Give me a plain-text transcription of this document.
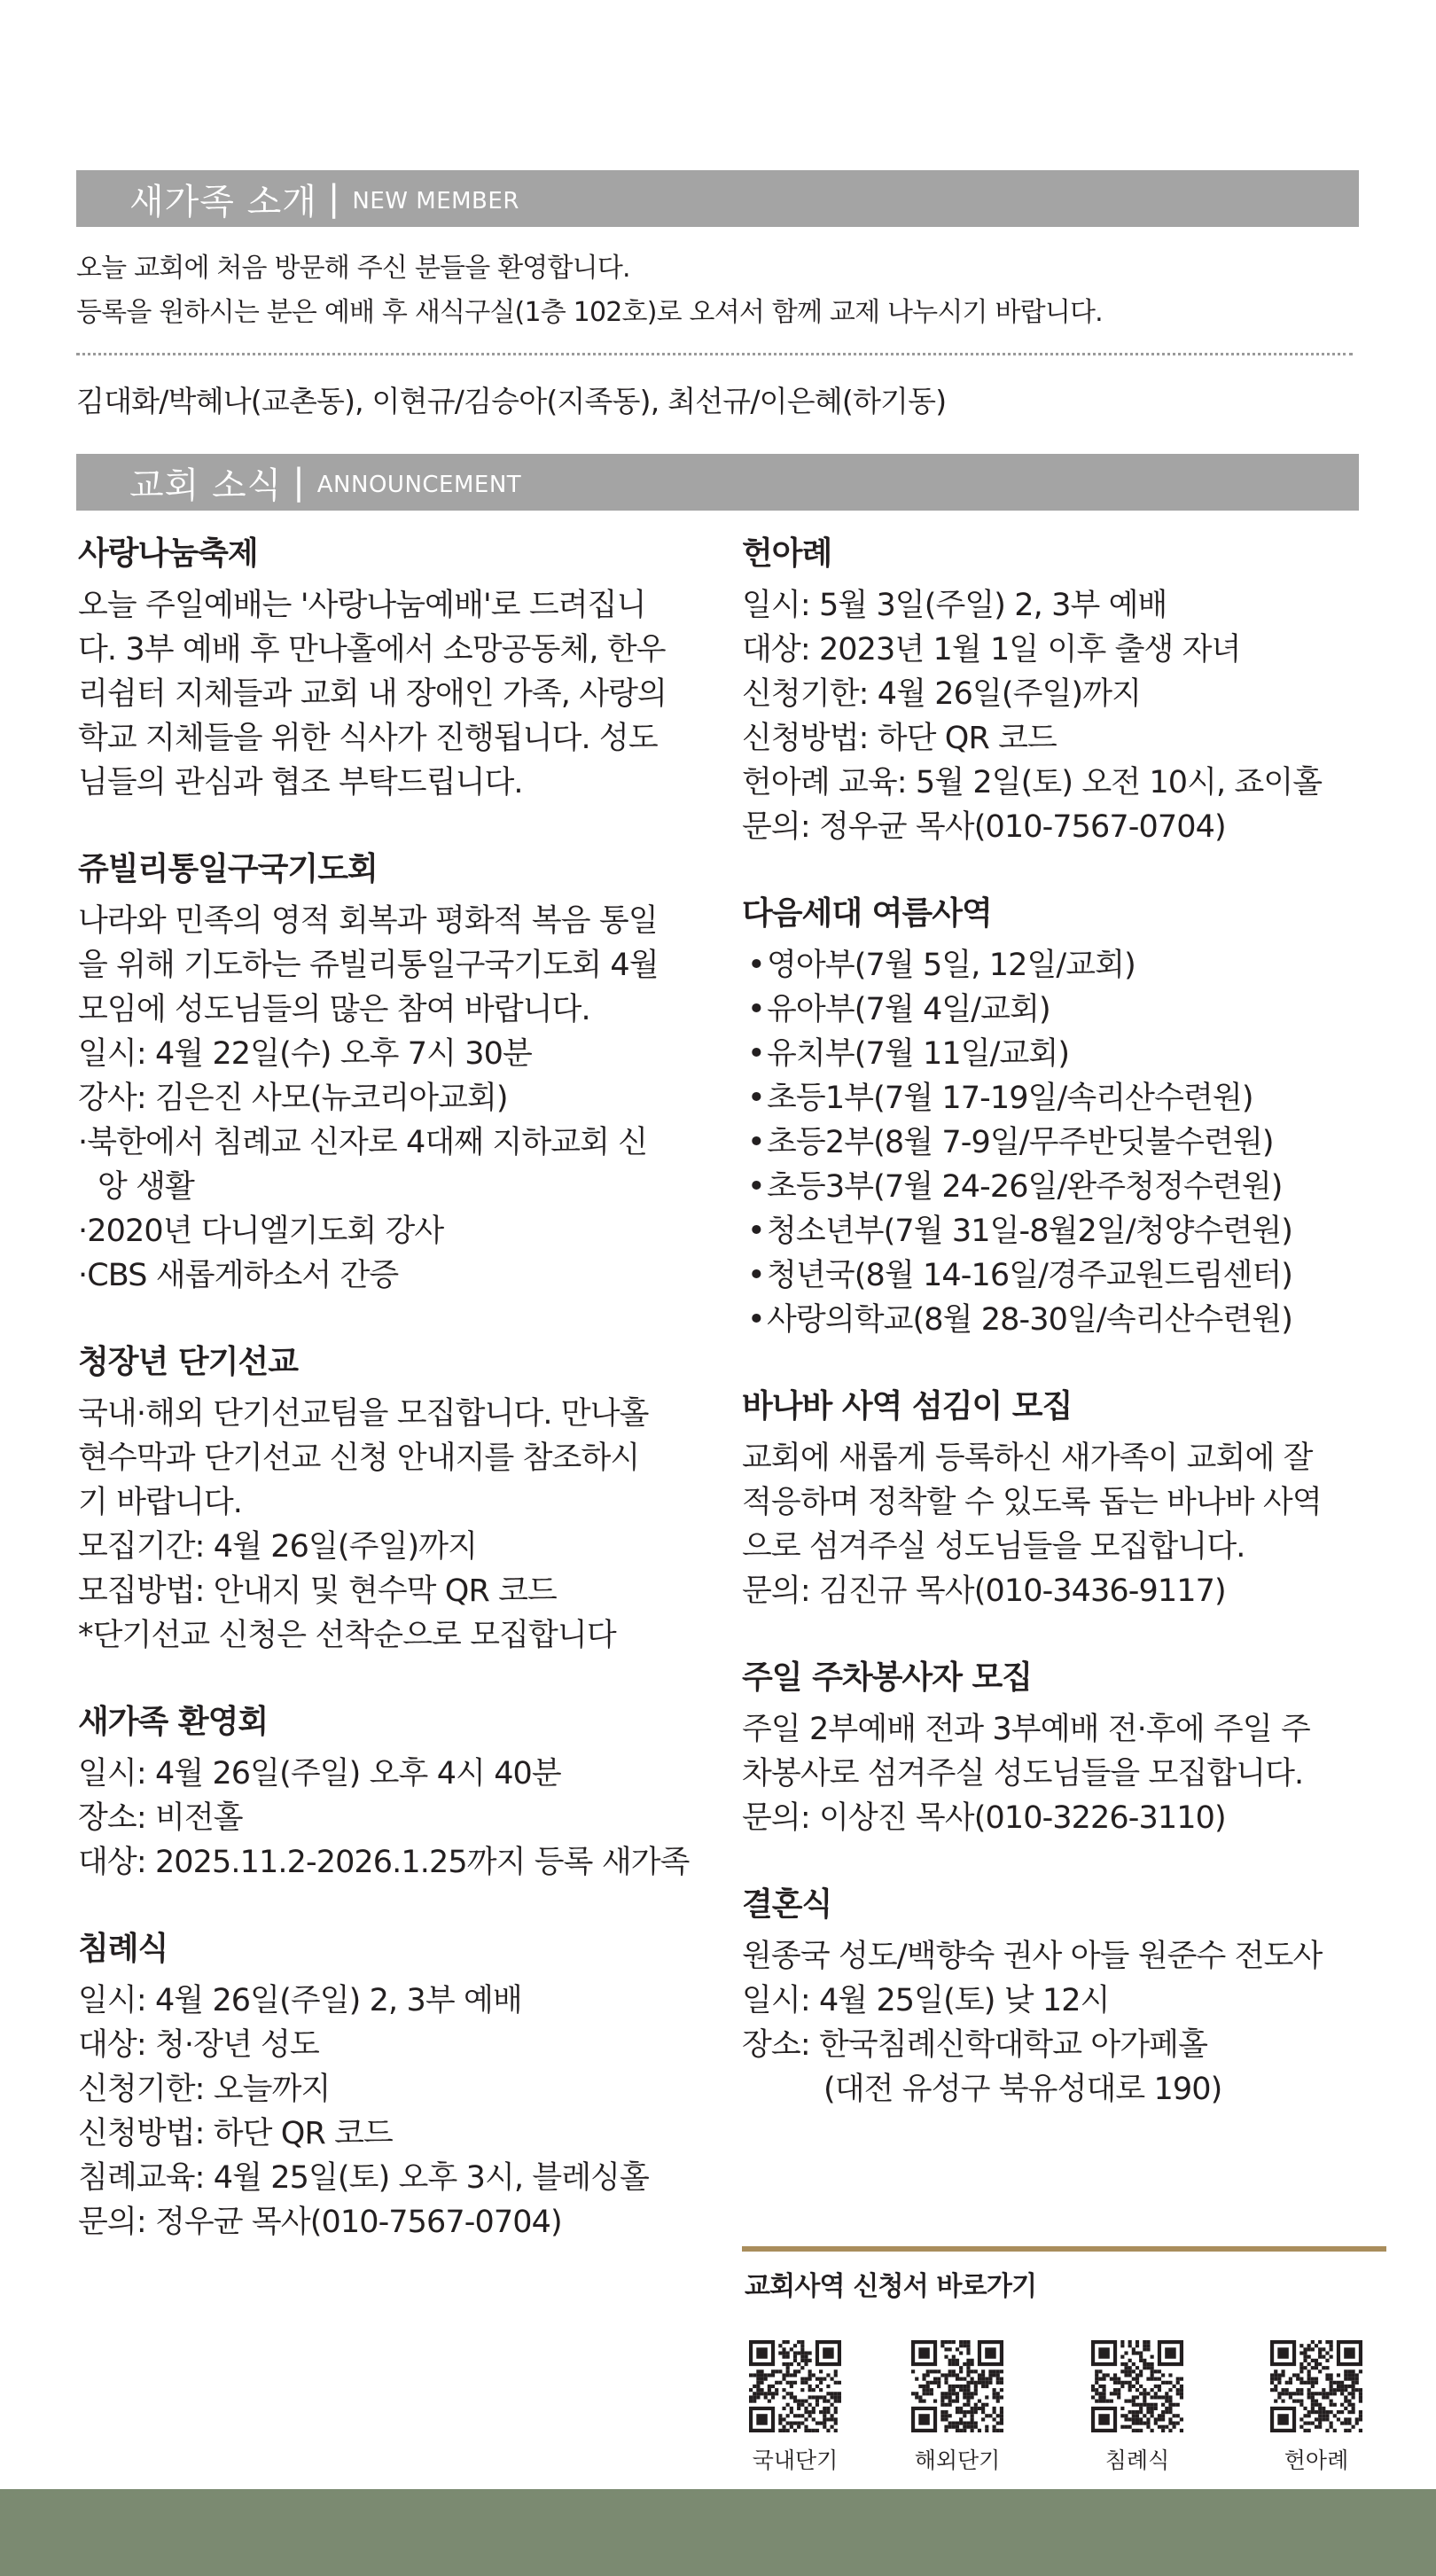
새가족 소개 | NEW MEMBER
오늘 교회에 처음 방문해 주신 분들을 환영합니다.
등록을 원하시는 분은 예배 후 새식구실(1층 102호)로 오셔서 함께 교제 나누시기 바랍니다.
김대화/박혜나(교촌동), 이현규/김승아(지족동), 최선규/이은혜(하기동)
교회 소식 | ANNOUNCEMENT
사랑나눔축제
오늘 주일예배는 '사랑나눔예배'로 드려집니
다. 3부 예배 후 만나홀에서 소망공동체, 한우
리쉼터 지체들과 교회 내 장애인 가족, 사랑의
학교 지체들을 위한 식사가 진행됩니다. 성도
님들의 관심과 협조 부탁드립니다.
쥬빌리통일구국기도회
나라와 민족의 영적 회복과 평화적 복음 통일
을 위해 기도하는 쥬빌리통일구국기도회 4월
모임에 성도님들의 많은 참여 바랍니다.
일시: 4월 22일(수) 오후 7시 30분
강사: 김은진 사모(뉴코리아교회)
·북한에서 침례교 신자로 4대째 지하교회 신
앙 생활
·2020년 다니엘기도회 강사
·CBS 새롭게하소서 간증
청장년 단기선교
국내·해외 단기선교팀을 모집합니다. 만나홀
현수막과 단기선교 신청 안내지를 참조하시
기 바랍니다.
모집기간: 4월 26일(주일)까지
모집방법: 안내지 및 현수막 QR 코드
*단기선교 신청은 선착순으로 모집합니다
새가족 환영회
일시: 4월 26일(주일) 오후 4시 40분
장소: 비전홀
대상: 2025.11.2-2026.1.25까지 등록 새가족
침례식
일시: 4월 26일(주일) 2, 3부 예배
대상: 청·장년 성도
신청기한: 오늘까지
신청방법: 하단 QR 코드
침례교육: 4월 25일(토) 오후 3시, 블레싱홀
문의: 정우균 목사(010-7567-0704)
헌아례
일시: 5월 3일(주일) 2, 3부 예배
대상: 2023년 1월 1일 이후 출생 자녀
신청기한: 4월 26일(주일)까지
신청방법: 하단 QR 코드
헌아례 교육: 5월 2일(토) 오전 10시, 죠이홀
문의: 정우균 목사(010-7567-0704)
다음세대 여름사역
• 영아부(7월 5일, 12일/교회)
• 유아부(7월 4일/교회)
• 유치부(7월 11일/교회)
• 초등1부(7월 17-19일/속리산수련원)
• 초등2부(8월 7-9일/무주반딧불수련원)
• 초등3부(7월 24-26일/완주청정수련원)
• 청소년부(7월 31일-8월2일/청양수련원)
• 청년국(8월 14-16일/경주교원드림센터)
• 사랑의학교(8월 28-30일/속리산수련원)
바나바 사역 섬김이 모집
교회에 새롭게 등록하신 새가족이 교회에 잘
적응하며 정착할 수 있도록 돕는 바나바 사역
으로 섬겨주실 성도님들을 모집합니다.
문의: 김진규 목사(010-3436-9117)
주일 주차봉사자 모집
주일 2부예배 전과 3부예배 전·후에 주일 주
차봉사로 섬겨주실 성도님들을 모집합니다.
문의: 이상진 목사(010-3226-3110)
결혼식
원종국 성도/백향숙 권사 아들 원준수 전도사
일시: 4월 25일(토) 낮 12시
장소: 한국침례신학대학교 아가페홀
(대전 유성구 북유성대로 190)
교회사역 신청서 바로가기
국내단기	해외단기	침례식	헌아례
